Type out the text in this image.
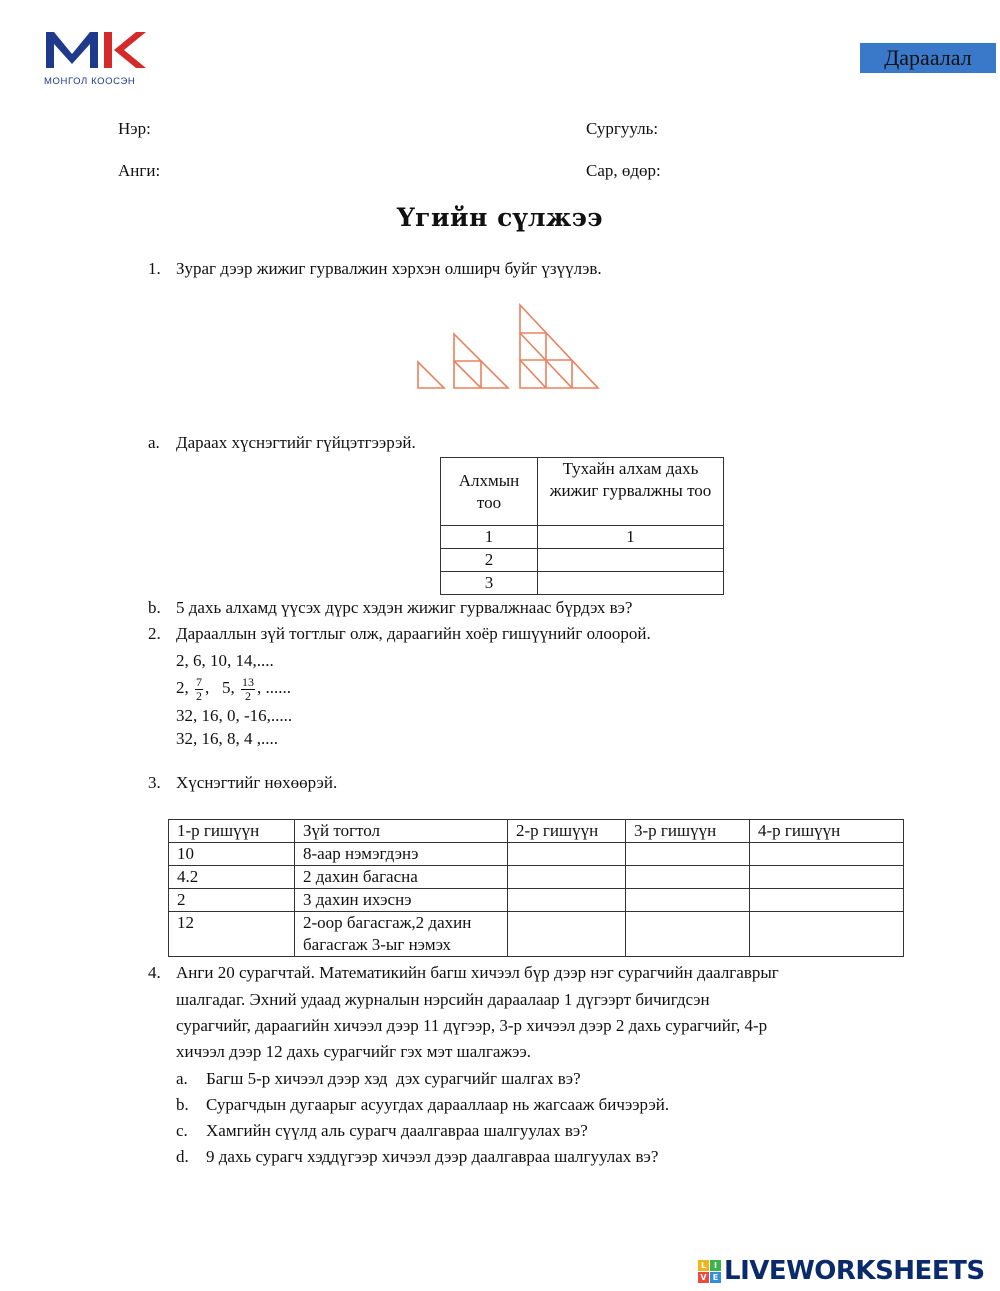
МОНГОЛ КООСЭН
Дараалал
Нэр:	Сургууль:
Анги:	Сар, өдөр:
Үгийн сүлжээ
1. Зураг дээр жижиг гурвалжин хэрхэн олширч буйг үзүүлэв.
a. Дараах хүснэгтийг гүйцэтгээрэй.
Алхмын тоо	Тухайн алхам дахь жижиг гурвалжны тоо
1	1
2	
3	
b. 5 дахь алхамд үүсэх дүрс хэдэн жижиг гурвалжнаас бүрдэх вэ?
2. Дарааллын зүй тогтлыг олж, дараагийн хоёр гишүүнийг олоорой.
2, 6, 10, 14,....
2, $\frac{7}{2}$ ,   5, $\frac{13}{2}$ , ......
32, 16, 0, -16,.....
32, 16, 8, 4 ,....
3. Хүснэгтийг нөхөөрэй.
1-р гишүүн	Зүй тогтол	2-р гишүүн	3-р гишүүн	4-р гишүүн
10	8-аар нэмэгдэнэ			
4.2	2 дахин багасна			
2	3 дахин ихэснэ			
12	2-оор багасгаж,2 дахин багасгаж 3-ыг нэмэх			
4. Анги 20 сурагчтай. Математикийн багш хичээл бүр дээр нэг сурагчийн даалгаврыг
шалгадаг. Эхний удаад журналын нэрсийн дараалаар 1 дүгээрт бичигдсэн
сурагчийг, дараагийн хичээл дээр 11 дүгээр, 3-р хичээл дээр 2 дахь сурагчийг, 4-р
хичээл дээр 12 дахь сурагчийг гэх мэт шалгажээ.
a. Багш 5-р хичээл дээр хэд  дэх сурагчийг шалгах вэ?
b. Сурагчдын дугаарыг асуугдах дарааллаар нь жагсааж бичээрэй.
c. Хамгийн сүүлд аль сурагч даалгавраа шалгуулах вэ?
d. 9 дахь сурагч хэддүгээр хичээл дээр даалгавраа шалгуулах вэ?
L I
V E LIVEWORKSHEETS
